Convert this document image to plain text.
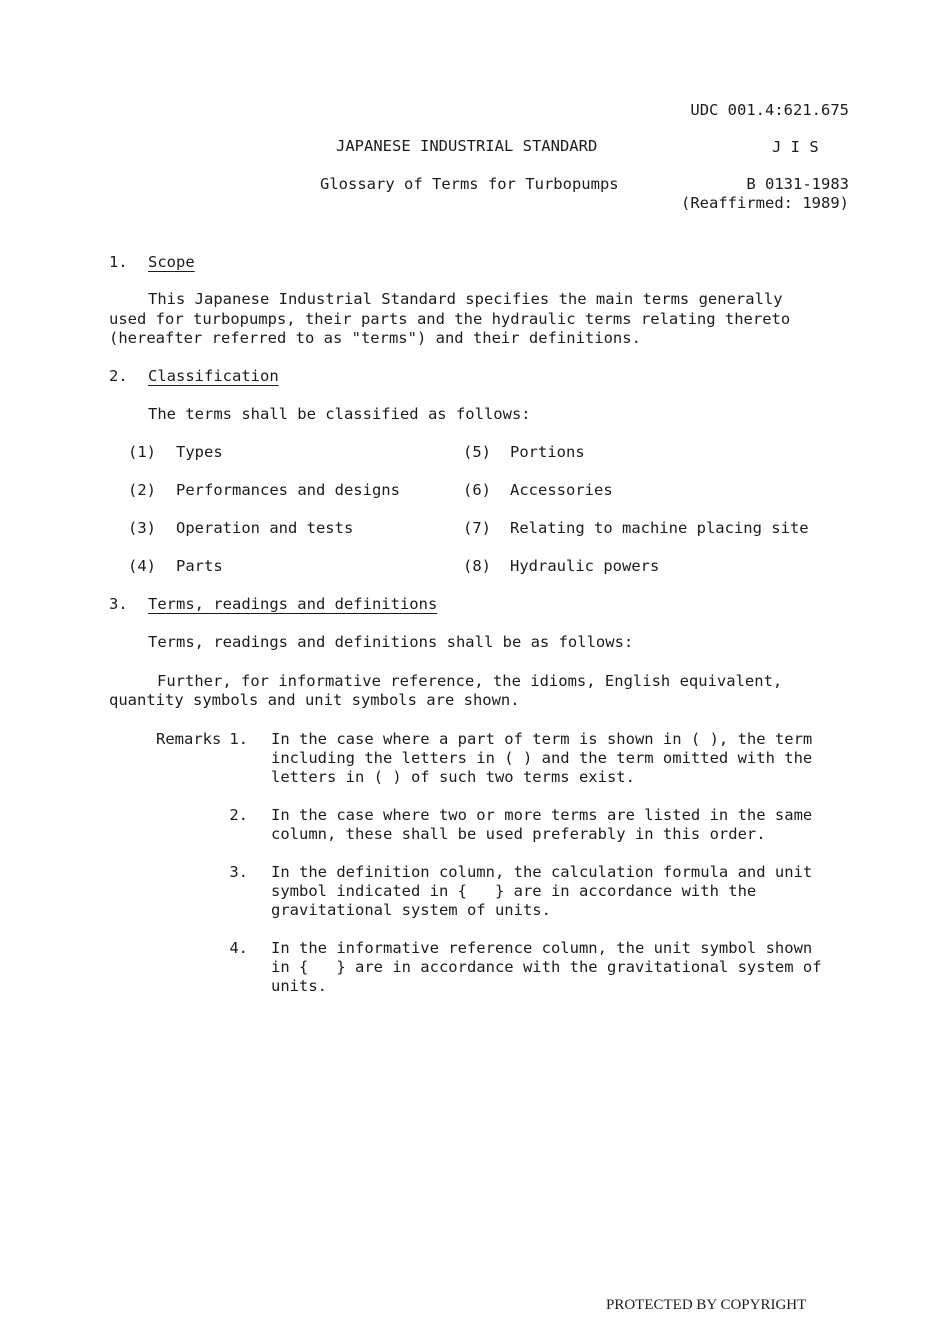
UDC 001.4:621.675
JAPANESE INDUSTRIAL STANDARD	J I S
Glossary of Terms for Turbopumps	B 0131-1983
(Reaffirmed: 1989)
1. Scope
This Japanese Industrial Standard specifies the main terms generally
used for turbopumps, their parts and the hydraulic terms relating thereto
(hereafter referred to as "terms") and their definitions.
2. Classification
The terms shall be classified as follows:
(1) Types
(2) Performances and designs
(3) Operation and tests
(4) Parts
(5) Portions
(6) Accessories
(7) Relating to machine placing site
(8) Hydraulic powers
3. Terms, readings and definitions
Terms, readings and definitions shall be as follows:
Further, for informative reference, the idioms, English equivalent,
quantity symbols and unit symbols are shown.
Remarks 1. In the case where a part of term is shown in ( ), the term
including the letters in ( ) and the term omitted with the
letters in ( ) of such two terms exist.
2. In the case where two or more terms are listed in the same
column, these shall be used preferably in this order.
3. In the definition column, the calculation formula and unit
symbol indicated in {   } are in accordance with the
gravitational system of units.
4. In the informative reference column, the unit symbol shown
in {   } are in accordance with the gravitational system of
units.
PROTECTED BY COPYRIGHT
